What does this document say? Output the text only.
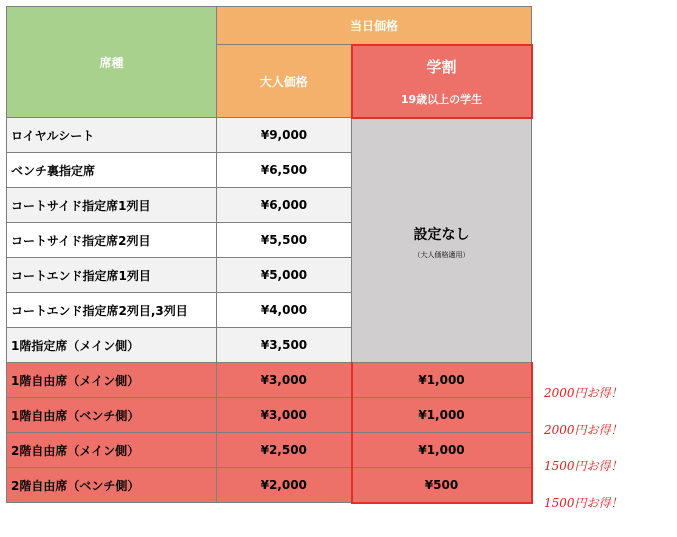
席種	当日価格	
	大人価格	学割
19歳以上の学生

ロイヤルシート	¥9,000	設定なし
（大人価格適用）

ベンチ裏指定席	¥6,500	
コートサイド指定席1列目	¥6,000	
コートサイド指定席2列目	¥5,500	
コートエンド指定席1列目	¥5,000	
コートエンド指定席2列目,3列目	¥4,000	
1階指定席（メイン側）	¥3,500	
1階自由席（メイン側）	¥3,000	¥1,000
1階自由席（ベンチ側）	¥3,000	¥1,000
2階自由席（メイン側）	¥2,500	¥1,000
2階自由席（ベンチ側）	¥2,000	¥500
2000円お得！
2000円お得！
1500円お得！
1500円お得！
